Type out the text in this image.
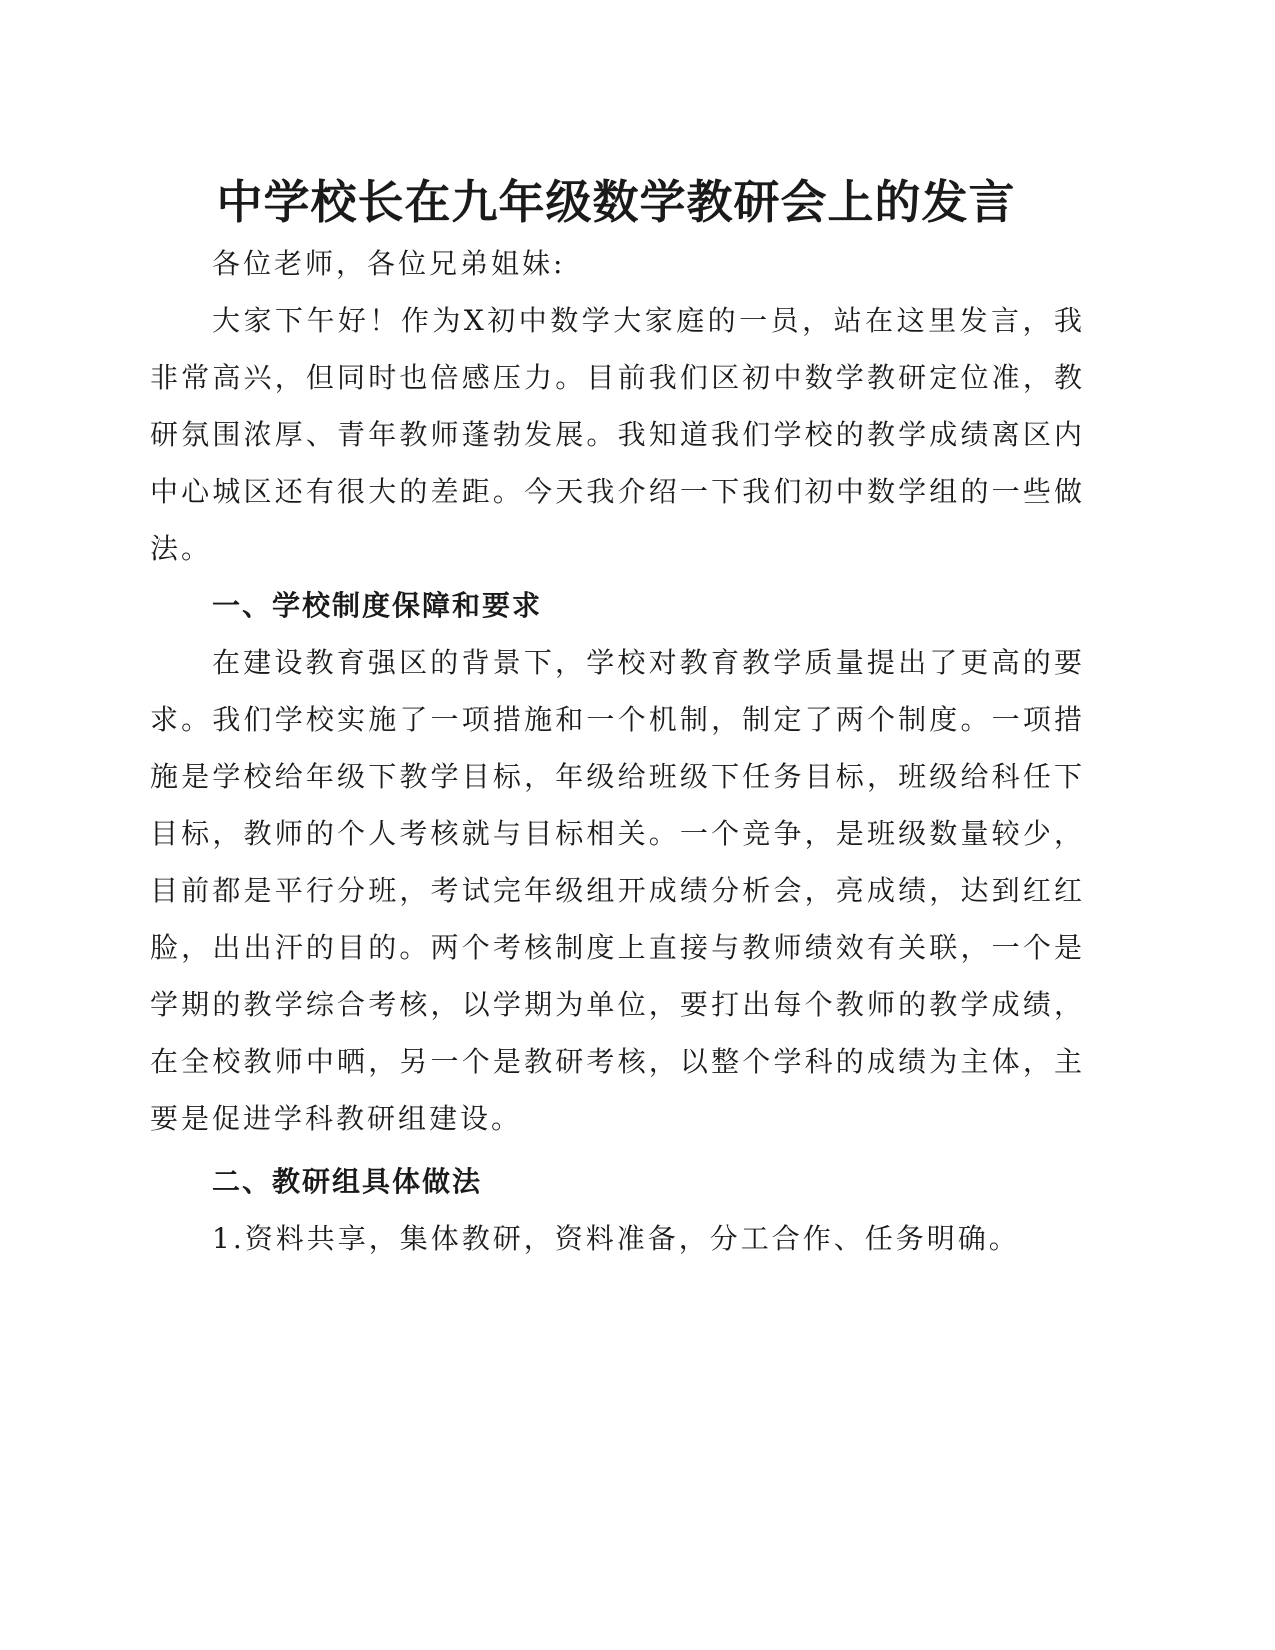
中学校长在九年级数学教研会上的发言

各位老师，各位兄弟姐妹:

大家下午好！作为X初中数学大家庭的一员，站在这里发言，我非常高兴，但同时也倍感压力。目前我们区初中数学教研定位准，教研氛围浓厚、青年教师蓬勃发展。我知道我们学校的教学成绩离区内中心城区还有很大的差距。今天我介绍一下我们初中数学组的一些做法。

一、学校制度保障和要求

在建设教育强区的背景下，学校对教育教学质量提出了更高的要求。我们学校实施了一项措施和一个机制，制定了两个制度。一项措施是学校给年级下教学目标，年级给班级下任务目标，班级给科任下目标，教师的个人考核就与目标相关。一个竞争，是班级数量较少，目前都是平行分班，考试完年级组开成绩分析会，亮成绩，达到红红脸，出出汗的目的。两个考核制度上直接与教师绩效有关联，一个是学期的教学综合考核，以学期为单位，要打出每个教师的教学成绩，在全校教师中晒，另一个是教研考核，以整个学科的成绩为主体，主要是促进学科教研组建设。

二、教研组具体做法

1.资料共享，集体教研，资料准备，分工合作、任务明确。
